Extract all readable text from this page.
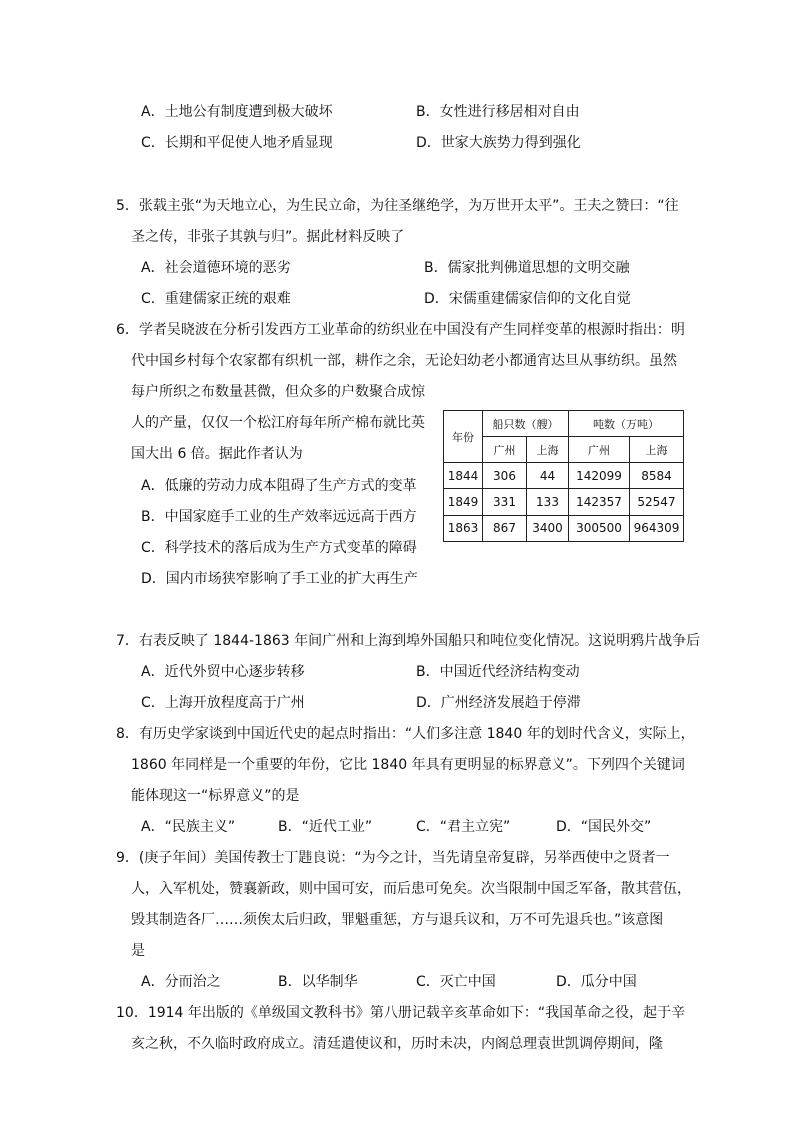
A．土地公有制度遭到极大破坏	B．女性进行移居相对自由
C．长期和平促使人地矛盾显现	D．世家大族势力得到强化
5．张载主张“为天地立心，为生民立命，为往圣继绝学，为万世开太平”。王夫之赞曰：“往
圣之传，非张子其孰与归”。据此材料反映了
A．社会道德环境的恶劣	B．儒家批判佛道思想的文明交融
C．重建儒家正统的艰难	D．宋儒重建儒家信仰的文化自觉
6．学者吴晓波在分析引发西方工业革命的纺织业在中国没有产生同样变革的根源时指出：明
代中国乡村每个农家都有织机一部，耕作之余，无论妇幼老小都通宵达旦从事纺织。虽然
每户所织之布数量甚微，但众多的户数聚合成惊
人的产量，仅仅一个松江府每年所产棉布就比英
国大出 6 倍。据此作者认为
A．低廉的劳动力成本阻碍了生产方式的变革
B．中国家庭手工业的生产效率远远高于西方
C．科学技术的落后成为生产方式变革的障碍
D．国内市场狭窄影响了手工业的扩大再生产
年份	船只数（艘）		吨数（万吨）	
	广州	上海	广州	上海
1844	306	44	142099	8584
1849	331	133	142357	52547
1863	867	3400	300500	964309
7．右表反映了 1844-1863 年间广州和上海到埠外国船只和吨位变化情况。这说明鸦片战争后
A．近代外贸中心逐步转移	B．中国近代经济结构变动
C．上海开放程度高于广州	D．广州经济发展趋于停滞
8．有历史学家谈到中国近代史的起点时指出：“人们多注意 1840 年的划时代含义，实际上，
1860 年同样是一个重要的年份，它比 1840 年具有更明显的标界意义”。下列四个关键词
能体现这一“标界意义”的是
A．“民族主义”	B．“近代工业”	C．“君主立宪”	D．“国民外交”
9．(庚子年间）美国传教士丁韪良说：“为今之计，当先请皇帝复辟，另举西使中之贤者一
人，入军机处，赞襄新政，则中国可安，而后患可免矣。次当限制中国乏军备，散其营伍，
毁其制造各厂……须俟太后归政，罪魁重惩，方与退兵议和，万不可先退兵也。”该意图
是
A．分而治之	B．以华制华	C．灭亡中国	D．瓜分中国
10．1914 年出版的《单级国文教科书》第八册记载辛亥革命如下：“我国革命之役，起于辛
亥之秋，不久临时政府成立。清廷遣使议和，历时未决，内阁总理袁世凯调停期间，隆
